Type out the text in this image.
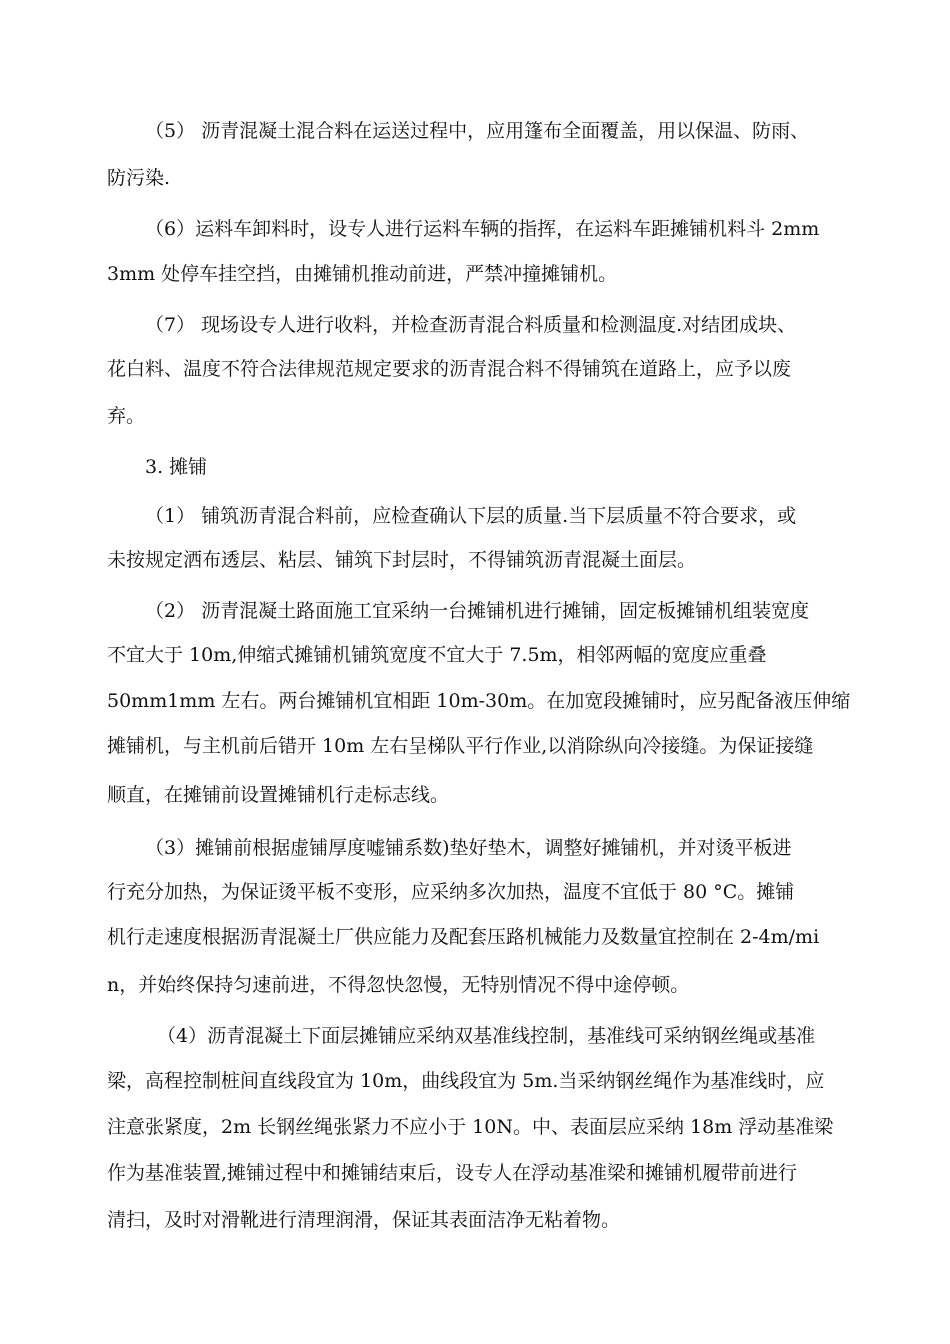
（5） 沥青混凝土混合料在运送过程中，应用篷布全面覆盖，用以保温、防雨、

防污染.

（6）运料车卸料时，设专人进行运料车辆的指挥，在运料车距摊铺机料斗 2mm

3mm 处停车挂空挡，由摊铺机推动前进，严禁冲撞摊铺机。

（7） 现场设专人进行收料，并检查沥青混合料质量和检测温度.对结团成块、

花白料、温度不符合法律规范规定要求的沥青混合料不得铺筑在道路上，应予以废

弃。

3. 摊铺

（1） 铺筑沥青混合料前，应检查确认下层的质量.当下层质量不符合要求，或

未按规定洒布透层、粘层、铺筑下封层时，不得铺筑沥青混凝土面层。

（2） 沥青混凝土路面施工宜采纳一台摊铺机进行摊铺，固定板摊铺机组装宽度

不宜大于 10m,伸缩式摊铺机铺筑宽度不宜大于 7.5m，相邻两幅的宽度应重叠

50mm1mm 左右。两台摊铺机宜相距 10m-30m。在加宽段摊铺时，应另配备液压伸缩

摊铺机，与主机前后错开 10m 左右呈梯队平行作业,以消除纵向冷接缝。为保证接缝

顺直，在摊铺前设置摊铺机行走标志线。

（3）摊铺前根据虚铺厚度嘘铺系数)垫好垫木，调整好摊铺机，并对烫平板进

行充分加热，为保证烫平板不变形，应采纳多次加热，温度不宜低于 80 °C。摊铺

机行走速度根据沥青混凝土厂供应能力及配套压路机械能力及数量宜控制在 2-4m/mi

n，并始终保持匀速前进，不得忽快忽慢，无特别情况不得中途停顿。

（4）沥青混凝土下面层摊铺应采纳双基准线控制，基准线可采纳钢丝绳或基准

梁，高程控制桩间直线段宜为 10m，曲线段宜为 5m.当采纳钢丝绳作为基准线时，应

注意张紧度，2m 长钢丝绳张紧力不应小于 10N。中、表面层应采纳 18m 浮动基准梁

作为基准装置,摊铺过程中和摊铺结束后，设专人在浮动基准梁和摊铺机履带前进行

清扫，及时对滑靴进行清理润滑，保证其表面洁净无粘着物。
